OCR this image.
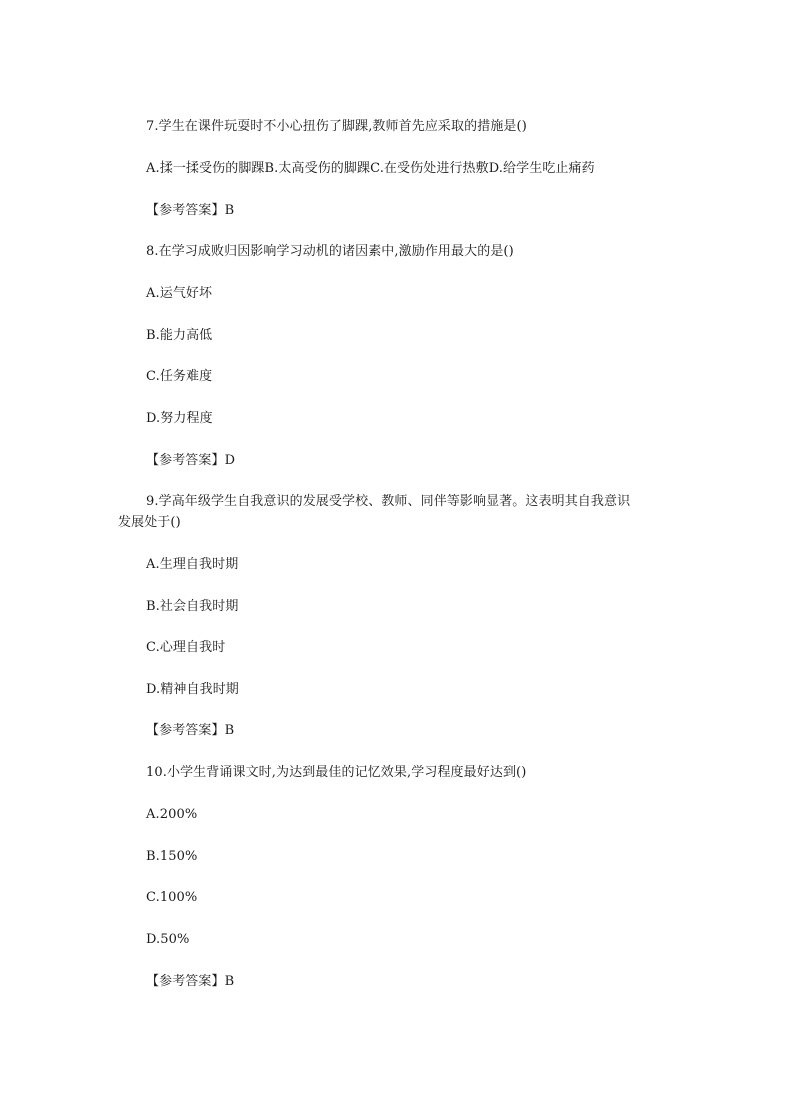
7.学生在课件玩耍时不小心扭伤了脚踝,教师首先应采取的措施是()
A.揉一揉受伤的脚踝B.太高受伤的脚踝C.在受伤处进行热敷D.给学生吃止痛药
【参考答案】B
8.在学习成败归因影响学习动机的诸因素中,激励作用最大的是()
A.运气好坏
B.能力高低
C.任务难度
D.努力程度
【参考答案】D
9.学高年级学生自我意识的发展受学校、教师、同伴等影响显著。这表明其自我意识
发展处于()
A.生理自我时期
B.社会自我时期
C.心理自我时
D.精神自我时期
【参考答案】B
10.小学生背诵课文时,为达到最佳的记忆效果,学习程度最好达到()
A.200%
B.150%
C.100%
D.50%
【参考答案】B
